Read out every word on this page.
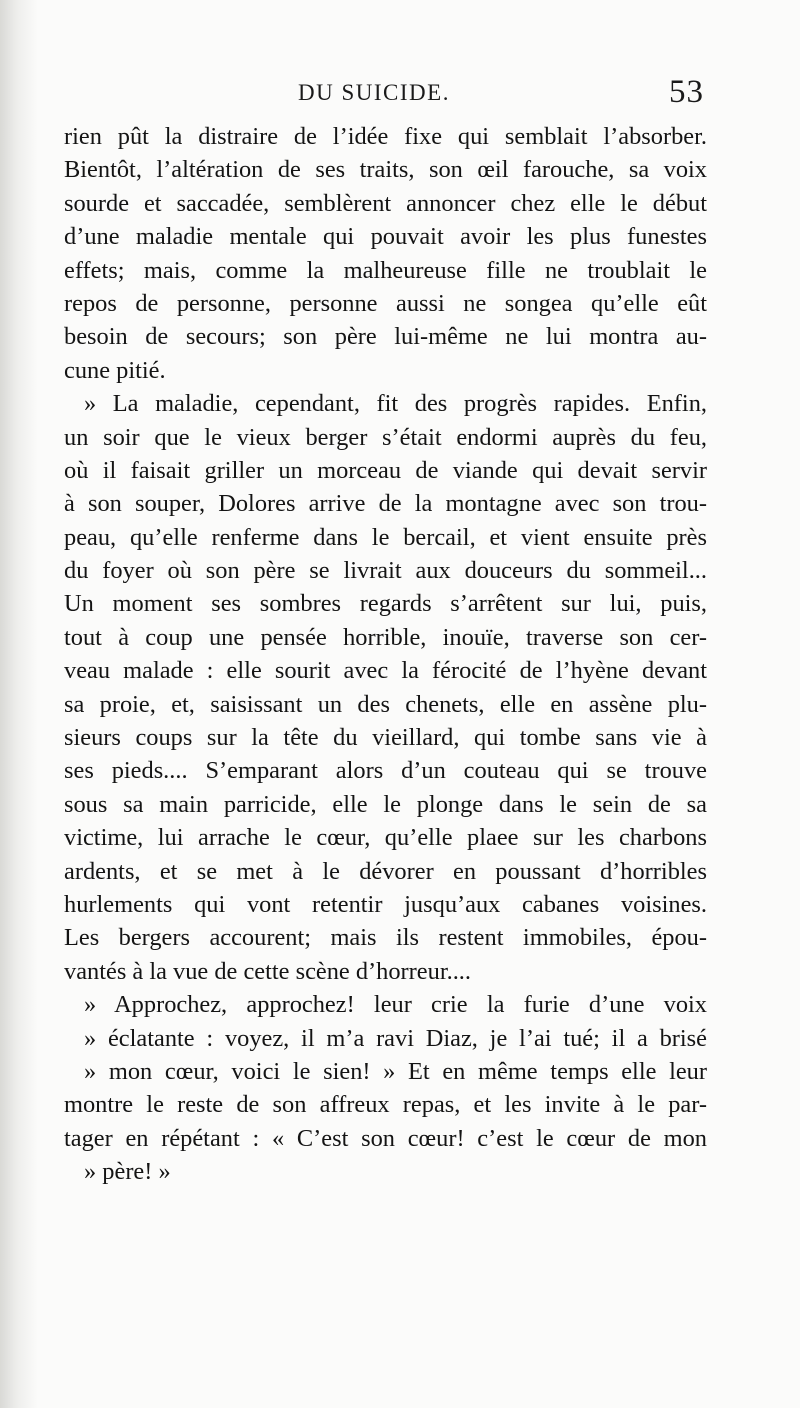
DU SUICIDE.	53
rien pût la distraire de l’idée fixe qui semblait l’absorber.
Bientôt, l’altération de ses traits, son œil farouche, sa voix
sourde et saccadée, semblèrent annoncer chez elle le début
d’une maladie mentale qui pouvait avoir les plus funestes
effets; mais, comme la malheureuse fille ne troublait le
repos de personne, personne aussi ne songea qu’elle eût
besoin de secours; son père lui-même ne lui montra au-
cune pitié.
» La maladie, cependant, fit des progrès rapides. Enfin,
un soir que le vieux berger s’était endormi auprès du feu,
où il faisait griller un morceau de viande qui devait servir
à son souper, Dolores arrive de la montagne avec son trou-
peau, qu’elle renferme dans le bercail, et vient ensuite près
du foyer où son père se livrait aux douceurs du sommeil...
Un moment ses sombres regards s’arrêtent sur lui, puis,
tout à coup une pensée horrible, inouïe, traverse son cer-
veau malade : elle sourit avec la férocité de l’hyène devant
sa proie, et, saisissant un des chenets, elle en assène plu-
sieurs coups sur la tête du vieillard, qui tombe sans vie à
ses pieds.... S’emparant alors d’un couteau qui se trouve
sous sa main parricide, elle le plonge dans le sein de sa
victime, lui arrache le cœur, qu’elle plaee sur les charbons
ardents, et se met à le dévorer en poussant d’horribles
hurlements qui vont retentir jusqu’aux cabanes voisines.
Les bergers accourent; mais ils restent immobiles, épou-
vantés à la vue de cette scène d’horreur....
» Approchez, approchez! leur crie la furie d’une voix
» éclatante : voyez, il m’a ravi Diaz, je l’ai tué; il a brisé
» mon cœur, voici le sien! » Et en même temps elle leur
montre le reste de son affreux repas, et les invite à le par-
tager en répétant : « C’est son cœur! c’est le cœur de mon
» père! »
